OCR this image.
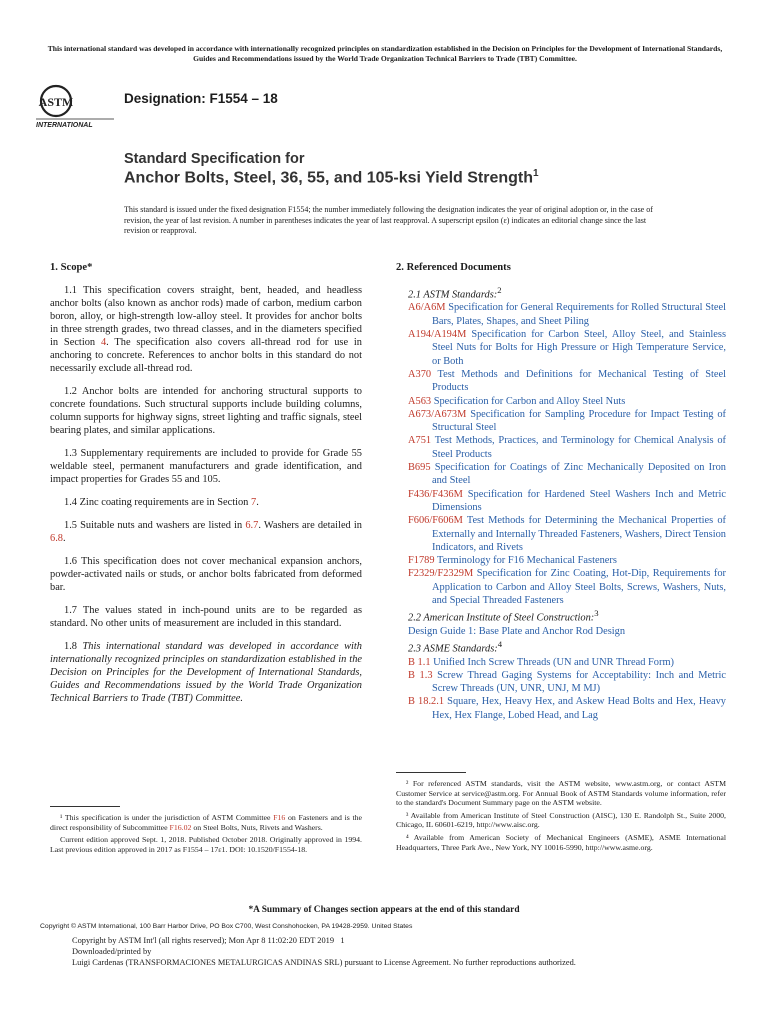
This international standard was developed in accordance with internationally recognized principles on standardization established in the Decision on Principles for the Development of International Standards, Guides and Recommendations issued by the World Trade Organization Technical Barriers to Trade (TBT) Committee.
ASTM
INTERNATIONAL
Designation: F1554 – 18
Standard Specification for
Anchor Bolts, Steel, 36, 55, and 105-ksi Yield Strength$^1$
This standard is issued under the fixed designation F1554; the number immediately following the designation indicates the year of original adoption or, in the case of revision, the year of last revision. A number in parentheses indicates the year of last reapproval. A superscript epsilon (ε) indicates an editorial change since the last revision or reapproval.
1. Scope*
1.1 This specification covers straight, bent, headed, and headless anchor bolts (also known as anchor rods) made of carbon, medium carbon boron, alloy, or high-strength low-alloy steel. It provides for anchor bolts in three strength grades, two thread classes, and in the diameters specified in Section 4. The specification also covers all-thread rod for use in anchoring to concrete. References to anchor bolts in this standard do not necessarily exclude all-thread rod.
1.2 Anchor bolts are intended for anchoring structural supports to concrete foundations. Such structural supports include building columns, column supports for highway signs, street lighting and traffic signals, steel bearing plates, and similar applications.
1.3 Supplementary requirements are included to provide for Grade 55 weldable steel, permanent manufacturers and grade identification, and impact properties for Grades 55 and 105.
1.4 Zinc coating requirements are in Section 7.
1.5 Suitable nuts and washers are listed in 6.7. Washers are detailed in 6.8.
1.6 This specification does not cover mechanical expansion anchors, powder-activated nails or studs, or anchor bolts fabricated from deformed bar.
1.7 The values stated in inch-pound units are to be regarded as standard. No other units of measurement are included in this standard.
1.8 This international standard was developed in accordance with internationally recognized principles on standardization established in the Decision on Principles for the Development of International Standards, Guides and Recommendations issued by the World Trade Organization Technical Barriers to Trade (TBT) Committee.
2. Referenced Documents
2.1 ASTM Standards:$^2$
A6/A6M Specification for General Requirements for Rolled Structural Steel Bars, Plates, Shapes, and Sheet Piling
A194/A194M Specification for Carbon Steel, Alloy Steel, and Stainless Steel Nuts for Bolts for High Pressure or High Temperature Service, or Both
A370 Test Methods and Definitions for Mechanical Testing of Steel Products
A563 Specification for Carbon and Alloy Steel Nuts
A673/A673M Specification for Sampling Procedure for Impact Testing of Structural Steel
A751 Test Methods, Practices, and Terminology for Chemical Analysis of Steel Products
B695 Specification for Coatings of Zinc Mechanically Deposited on Iron and Steel
F436/F436M Specification for Hardened Steel Washers Inch and Metric Dimensions
F606/F606M Test Methods for Determining the Mechanical Properties of Externally and Internally Threaded Fasteners, Washers, Direct Tension Indicators, and Rivets
F1789 Terminology for F16 Mechanical Fasteners
F2329/F2329M Specification for Zinc Coating, Hot-Dip, Requirements for Application to Carbon and Alloy Steel Bolts, Screws, Washers, Nuts, and Special Threaded Fasteners
2.2 American Institute of Steel Construction:$^3$
Design Guide 1: Base Plate and Anchor Rod Design
2.3 ASME Standards:$^4$
B 1.1 Unified Inch Screw Threads (UN and UNR Thread Form)
B 1.3 Screw Thread Gaging Systems for Acceptability: Inch and Metric Screw Threads (UN, UNR, UNJ, M MJ)
B 18.2.1 Square, Hex, Heavy Hex, and Askew Head Bolts and Hex, Heavy Hex, Hex Flange, Lobed Head, and Lag
¹ This specification is under the jurisdiction of ASTM Committee F16 on Fasteners and is the direct responsibility of Subcommittee F16.02 on Steel Bolts, Nuts, Rivets and Washers.
Current edition approved Sept. 1, 2018. Published October 2018. Originally approved in 1994. Last previous edition approved in 2017 as F1554 – 17ε1. DOI: 10.1520/F1554-18.
² For referenced ASTM standards, visit the ASTM website, www.astm.org, or contact ASTM Customer Service at service@astm.org. For Annual Book of ASTM Standards volume information, refer to the standard's Document Summary page on the ASTM website.
³ Available from American Institute of Steel Construction (AISC), 130 E. Randolph St., Suite 2000, Chicago, IL 60601-6219, http://www.aisc.org.
⁴ Available from American Society of Mechanical Engineers (ASME), ASME International Headquarters, Three Park Ave., New York, NY 10016-5990, http://www.asme.org.
*A Summary of Changes section appears at the end of this standard
Copyright © ASTM International, 100 Barr Harbor Drive, PO Box C700, West Conshohocken, PA 19428-2959. United States
Copyright by ASTM Int'l (all rights reserved); Mon Apr 8 11:02:20 EDT 2019 1
Downloaded/printed by
Luigi Cardenas (TRANSFORMACIONES METALURGICAS ANDINAS SRL) pursuant to License Agreement. No further reproductions authorized.
